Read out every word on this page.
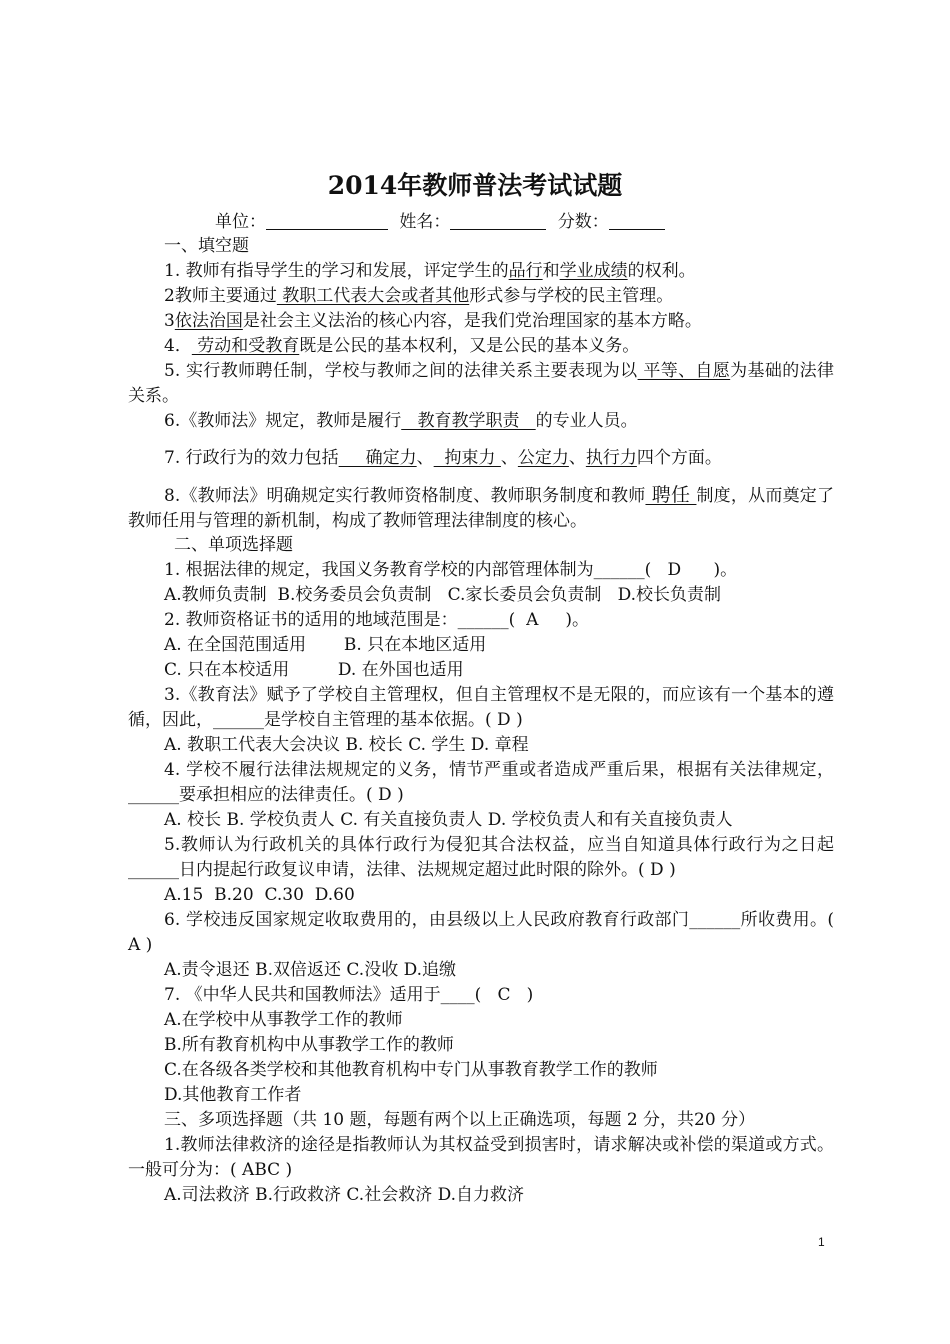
2014年教师普法考试试题
单位：	姓名：	分数：
一、填空题
1. 教师有指导学生的学习和发展，评定学生的品行和学业成绩的权利。
2教师主要通过 教职工代表大会或者其他形式参与学校的民主管理。
3依法治国是社会主义法治的核心内容，是我们党治理国家的基本方略。
4． 劳动和受教育既是公民的基本权利，又是公民的基本义务。
5. 实行教师聘任制，学校与教师之间的法律关系主要表现为以 平等、自愿为基础的法律关系。
6.《教师法》规定，教师是履行   教育教学职责   的专业人员。
7. 行政行为的效力包括     确定力、  拘束力 、公定力、执行力四个方面。
8.《教师法》明确规定实行教师资格制度、教师职务制度和教师 聘任 制度，从而奠定了教师任用与管理的新机制，构成了教师管理法律制度的核心。
二、单项选择题
1. 根据法律的规定，我国义务教育学校的内部管理体制为______(   D      )。
A.教师负责制  B.校务委员会负责制   C.家长委员会负责制   D.校长负责制
2. 教师资格证书的适用的地域范围是：______(  A     )。
A. 在全国范围适用       B. 只在本地区适用
C. 只在本校适用         D. 在外国也适用
3.《教育法》赋予了学校自主管理权，但自主管理权不是无限的，而应该有一个基本的遵循，因此，______是学校自主管理的基本依据。( D )
A. 教职工代表大会决议 B. 校长 C. 学生 D. 章程
4. 学校不履行法律法规规定的义务，情节严重或者造成严重后果，根据有关法律规定，______要承担相应的法律责任。( D )
A. 校长 B. 学校负责人 C. 有关直接负责人 D. 学校负责人和有关直接负责人
5.教师认为行政机关的具体行政行为侵犯其合法权益，应当自知道具体行政行为之日起______日内提起行政复议申请，法律、法规规定超过此时限的除外。( D )
A.15  B.20  C.30  D.60
6. 学校违反国家规定收取费用的，由县级以上人民政府教育行政部门______所收费用。( A )
A.责令退还 B.双倍返还 C.没收 D.追缴
7. 《中华人民共和国教师法》适用于____(   C   )
A.在学校中从事教学工作的教师
B.所有教育机构中从事教学工作的教师
C.在各级各类学校和其他教育机构中专门从事教育教学工作的教师
D.其他教育工作者
三、多项选择题（共 10 题，每题有两个以上正确选项，每题 2 分，共20 分）
1.教师法律救济的途径是指教师认为其权益受到损害时，请求解决或补偿的渠道或方式。一般可分为：( ABC )
A.司法救济 B.行政救济 C.社会救济 D.自力救济
1
